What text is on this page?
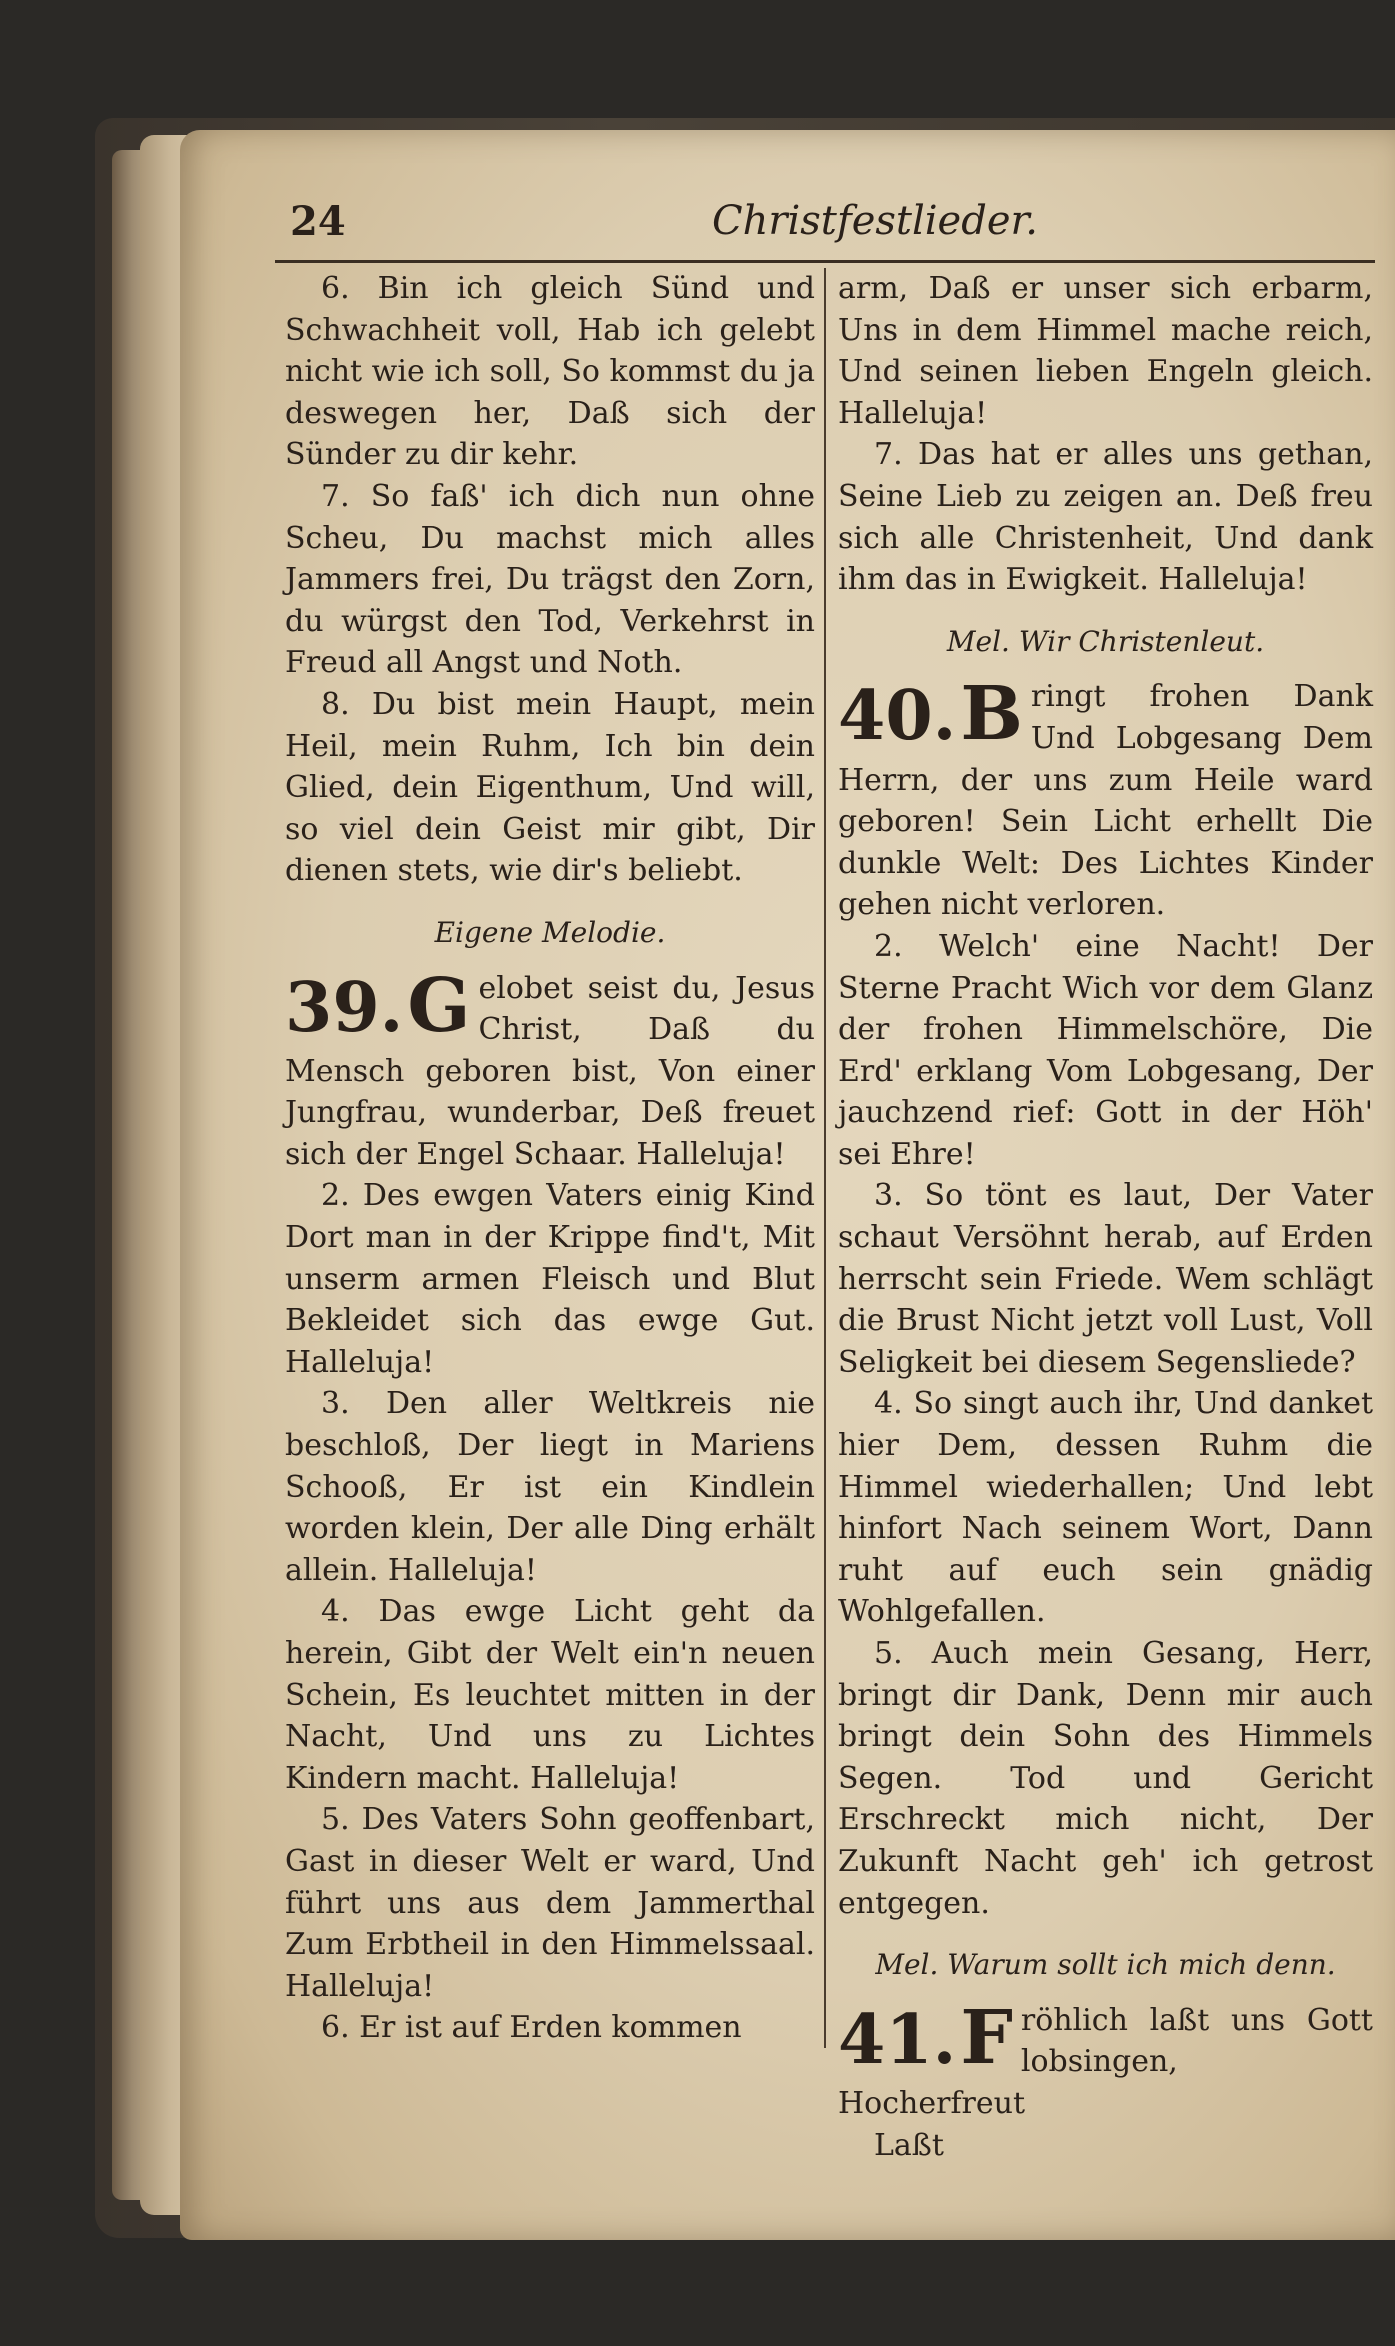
24	Christfestlieder.

6. Bin ich gleich Sünd und Schwachheit voll, Hab ich gelebt nicht wie ich soll, So kommst du ja deswegen her, Daß sich der Sünder zu dir kehr.

7. So faß' ich dich nun ohne Scheu, Du machst mich alles Jammers frei, Du trägst den Zorn, du würgst den Tod, Verkehrst in Freud all Angst und Noth.

8. Du bist mein Haupt, mein Heil, mein Ruhm, Ich bin dein Glied, dein Eigenthum, Und will, so viel dein Geist mir gibt, Dir dienen stets, wie dir's beliebt.

Eigene Melodie.

39.G elobet seist du, Jesus Christ, Daß du Mensch geboren bist, Von einer Jungfrau, wunderbar, Deß freuet sich der Engel Schaar. Halleluja!

2. Des ewgen Vaters einig Kind Dort man in der Krippe find't, Mit unserm armen Fleisch und Blut Bekleidet sich das ewge Gut. Halleluja!

3. Den aller Weltkreis nie beschloß, Der liegt in Mariens Schooß, Er ist ein Kindlein worden klein, Der alle Ding erhält allein. Halleluja!

4. Das ewge Licht geht da herein, Gibt der Welt ein'n neuen Schein, Es leuchtet mitten in der Nacht, Und uns zu Lichtes Kindern macht. Halleluja!

5. Des Vaters Sohn geoffenbart, Gast in dieser Welt er ward, Und führt uns aus dem Jammerthal Zum Erbtheil in den Himmelssaal. Halleluja!

6. Er ist auf Erden kommen

arm, Daß er unser sich erbarm, Uns in dem Himmel mache reich, Und seinen lieben Engeln gleich. Halleluja!

7. Das hat er alles uns gethan, Seine Lieb zu zeigen an. Deß freu sich alle Christenheit, Und dank ihm das in Ewigkeit. Halleluja!

Mel. Wir Christenleut.

40.B ringt frohen Dank Und Lobgesang Dem Herrn, der uns zum Heile ward geboren! Sein Licht erhellt Die dunkle Welt: Des Lichtes Kinder gehen nicht verloren.

2. Welch' eine Nacht! Der Sterne Pracht Wich vor dem Glanz der frohen Himmelschöre, Die Erd' erklang Vom Lobgesang, Der jauchzend rief: Gott in der Höh' sei Ehre!

3. So tönt es laut, Der Vater schaut Versöhnt herab, auf Erden herrscht sein Friede. Wem schlägt die Brust Nicht jetzt voll Lust, Voll Seligkeit bei diesem Segensliede?

4. So singt auch ihr, Und danket hier Dem, dessen Ruhm die Himmel wiederhallen; Und lebt hinfort Nach seinem Wort, Dann ruht auf euch sein gnädig Wohlgefallen.

5. Auch mein Gesang, Herr, bringt dir Dank, Denn mir auch bringt dein Sohn des Himmels Segen. Tod und Gericht Erschreckt mich nicht, Der Zukunft Nacht geh' ich getrost entgegen.

Mel. Warum sollt ich mich denn.

41.F röhlich laßt uns Gott lobsingen, Hocherfreut

Laßt
